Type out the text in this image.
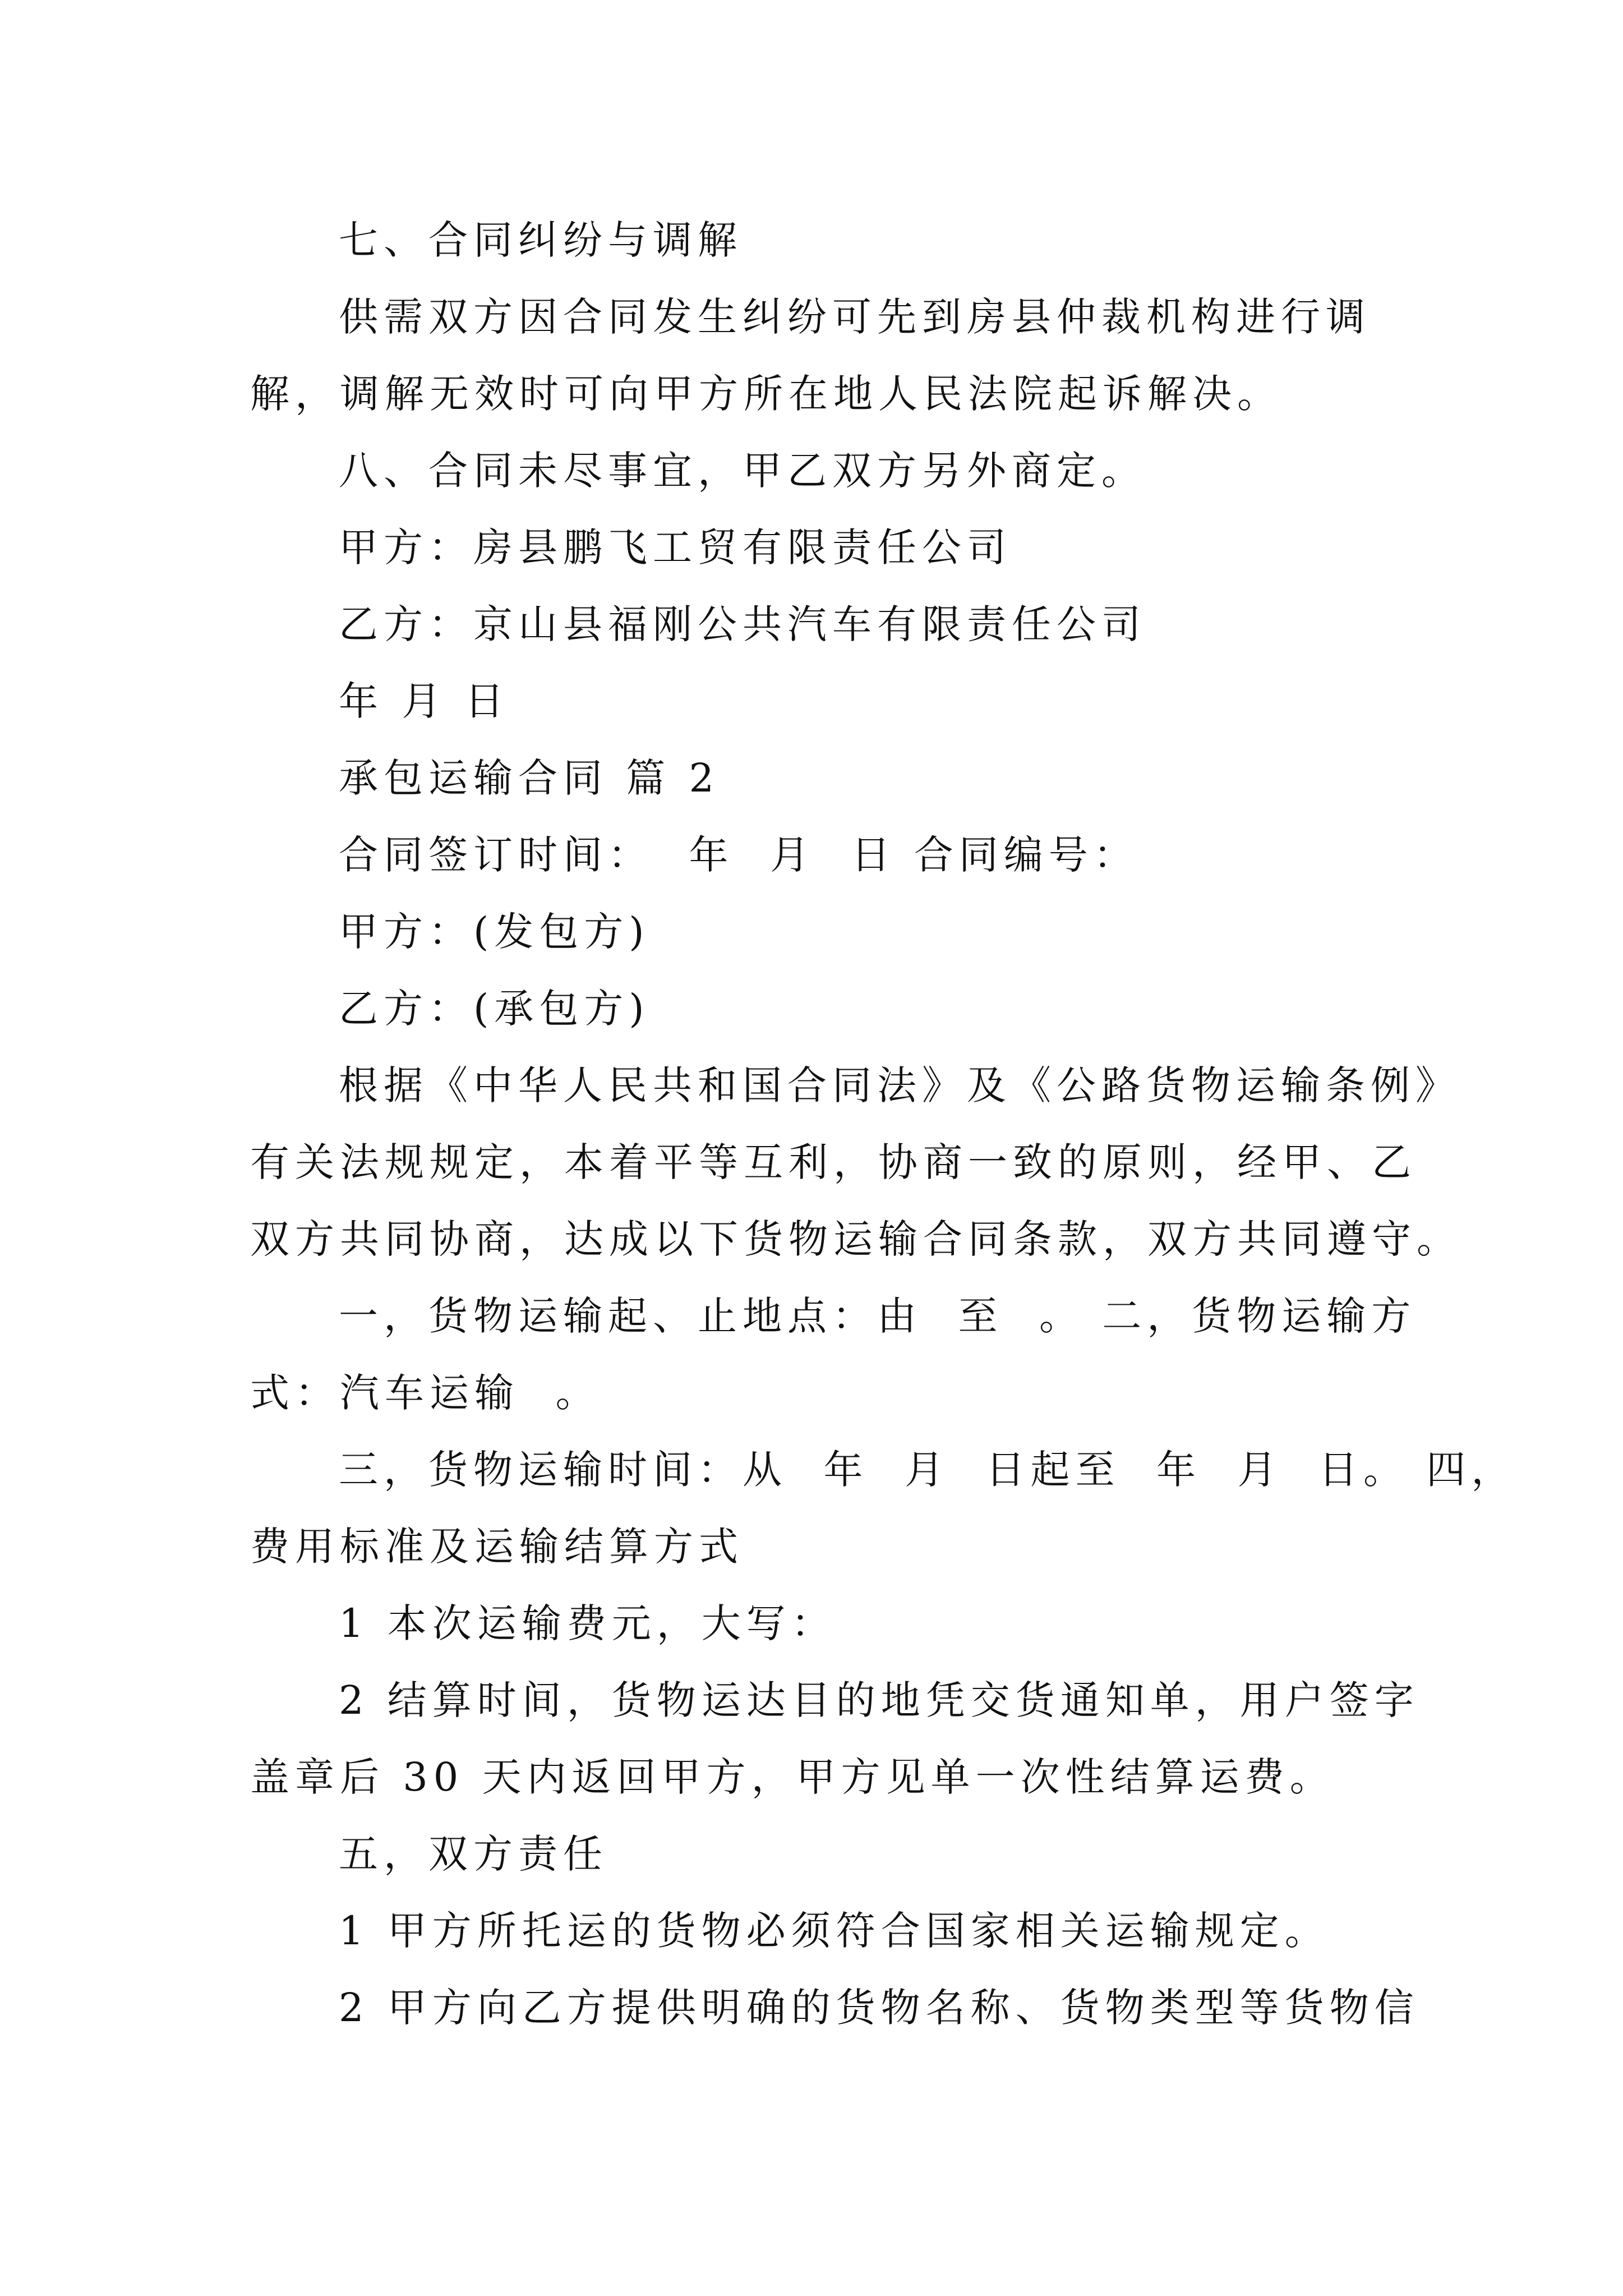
七、合同纠纷与调解
供需双方因合同发生纠纷可先到房县仲裁机构进行调
解，调解无效时可向甲方所在地人民法院起诉解决。
八、合同未尽事宜，甲乙双方另外商定。
甲方：房县鹏飞工贸有限责任公司
乙方：京山县福刚公共汽车有限责任公司
年 月 日
承包运输合同 篇 2
合同签订时间：  年  月  日 合同编号：
甲方：(发包方)
乙方：(承包方)
根据《中华人民共和国合同法》及《公路货物运输条例》
有关法规规定，本着平等互利，协商一致的原则，经甲、乙
双方共同协商，达成以下货物运输合同条款，双方共同遵守。
一，货物运输起、止地点：由  至  。 二，货物运输方
式：汽车运输  。
三，货物运输时间：从  年  月  日起至  年  月  日。 四，
费用标准及运输结算方式
1 本次运输费元，大写：
2 结算时间，货物运达目的地凭交货通知单，用户签字
盖章后 30 天内返回甲方，甲方见单一次性结算运费。
五，双方责任
1 甲方所托运的货物必须符合国家相关运输规定。
2 甲方向乙方提供明确的货物名称、货物类型等货物信
